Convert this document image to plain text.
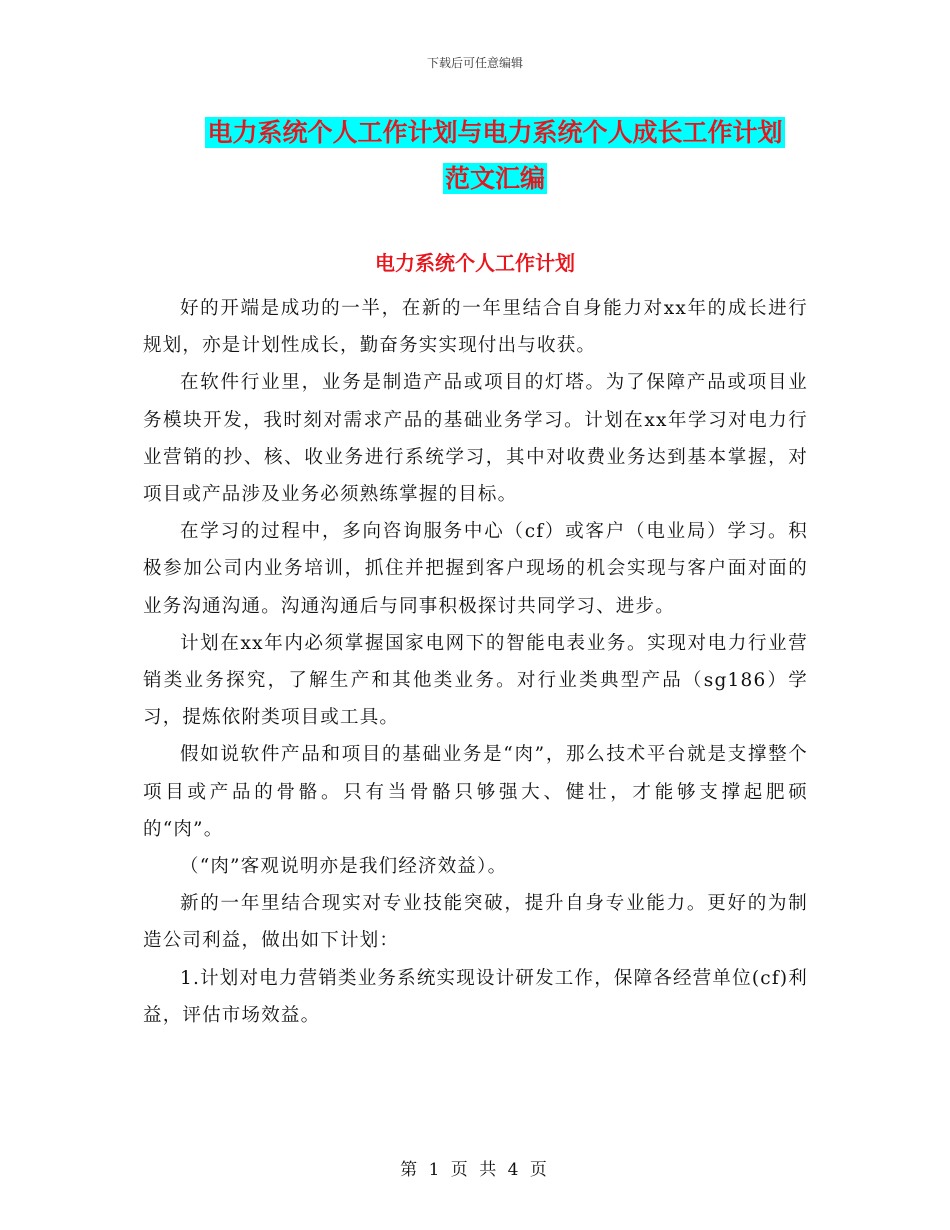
下载后可任意编辑
电力系统个人工作计划与电力系统个人成长工作计划
范文汇编
电力系统个人工作计划

好的开端是成功的一半，在新的一年里结合自身能力对xx年的成长进行规划，亦是计划性成长，勤奋务实实现付出与收获。

在软件行业里，业务是制造产品或项目的灯塔。为了保障产品或项目业务模块开发，我时刻对需求产品的基础业务学习。计划在xx年学习对电力行业营销的抄、核、收业务进行系统学习，其中对收费业务达到基本掌握，对项目或产品涉及业务必须熟练掌握的目标。

在学习的过程中，多向咨询服务中心（cf）或客户（电业局）学习。积极参加公司内业务培训，抓住并把握到客户现场的机会实现与客户面对面的业务沟通沟通。沟通沟通后与同事积极探讨共同学习、进步。

计划在xx年内必须掌握国家电网下的智能电表业务。实现对电力行业营销类业务探究，了解生产和其他类业务。对行业类典型产品（sg186）学习，提炼依附类项目或工具。

假如说软件产品和项目的基础业务是“肉”，那么技术平台就是支撑整个项目或产品的骨骼。只有当骨骼只够强大、健壮，才能够支撑起肥硕的“肉”。

（“肉”客观说明亦是我们经济效益）。

新的一年里结合现实对专业技能突破，提升自身专业能力。更好的为制造公司利益，做出如下计划：

1.计划对电力营销类业务系统实现设计研发工作，保障各经营单位(cf)利益，评估市场效益。

第 1 页 共 4 页
